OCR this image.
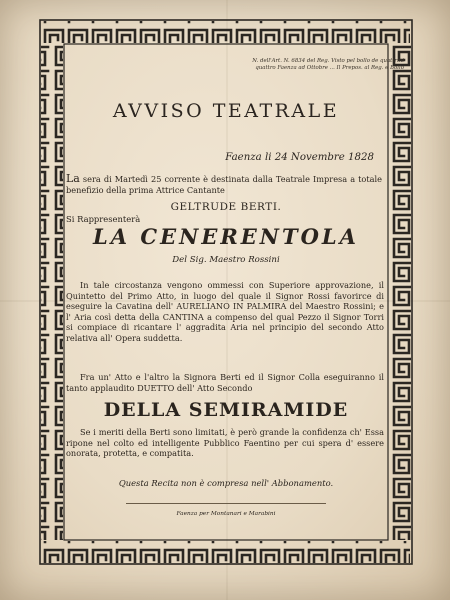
N. dell'Art. N. 6834 del Reg. Visto pel bollo de quattrini quattro Faenza ad Ottobre ... Il Prepos. al Reg. e Bollo
AVVISO TEATRALE
Faenza li 24 Novembre 1828
La sera di Martedì 25 corrente è destinata dalla Teatrale Impresa a totale benefizio della prima Attrice Cantante
GELTRUDE BERTI.
Si Rappresenterà
LA CENERENTOLA
Del Sig. Maestro Rossini
In tale circostanza vengono ommessi con Superiore approvazione, il Quintetto del Primo Atto, in luogo del quale il Signor Rossi favorirce di eseguire la Cavatina dell' AURELIANO IN PALMIRA del Maestro Rossini; e l' Aria così detta della CANTINA a compenso del qual Pezzo il Signor Torri si compiace di ricantare l' aggradita Aria nel principio del secondo Atto relativa all' Opera suddetta.
Fra un' Atto e l'altro la Signora Berti ed il Signor Colla eseguiranno il tanto applaudito DUETTO dell' Atto Secondo
DELLA SEMIRAMIDE
Se i meriti della Berti sono limitati, è però grande la confidenza ch' Essa ripone nel colto ed intelligente Pubblico Faentino per cui spera d' essere onorata, protetta, e compatita.
Questa Recita non è compresa nell' Abbonamento.
Faenza per Montanari e Marabini
